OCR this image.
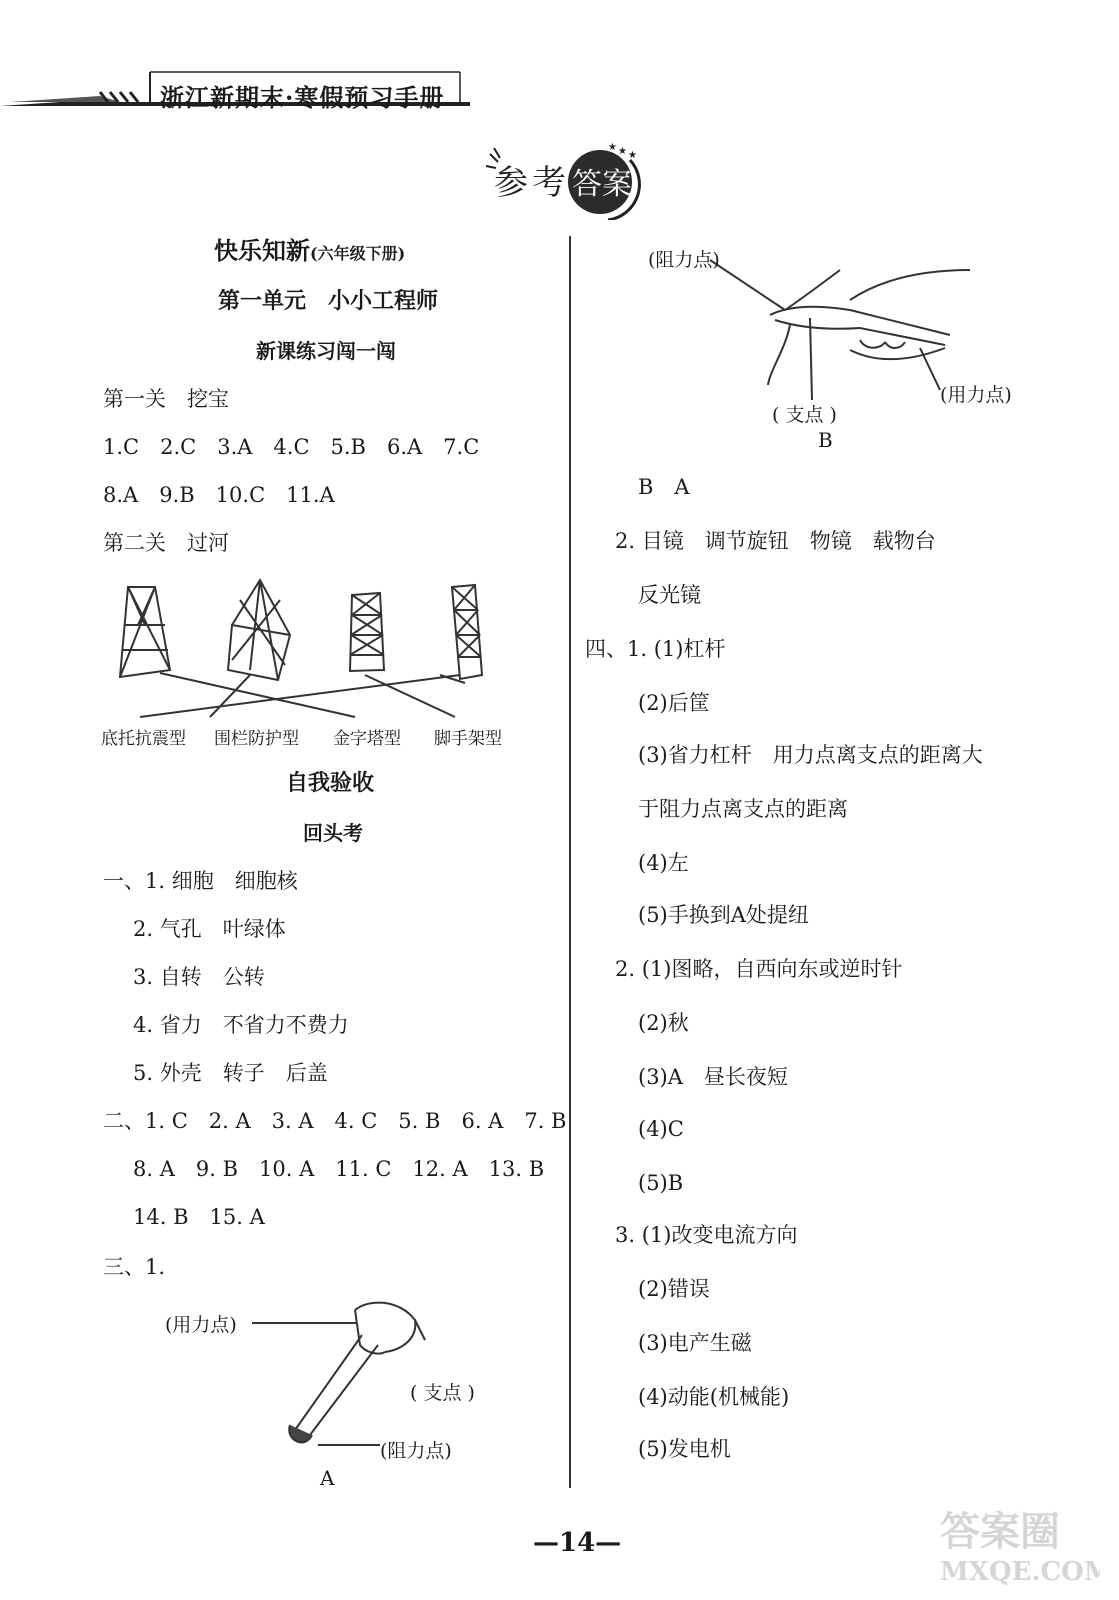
浙江新期末·寒假预习手册
★ ★ ★
参 考 答案
快乐知新(六年级下册)
第一单元　小小工程师
新课练习闯一闯
第一关　挖宝
1.C　2.C　3.A　4.C　5.B　6.A　7.C
8.A　9.B　10.C　11.A
第二关　过河
底托抗震型 围栏防护型 金字塔型 脚手架型
自我验收
回头考
一、1. 细胞　细胞核
2. 气孔　叶绿体
3. 自转　公转
4. 省力　不省力不费力
5. 外壳　转子　后盖
二、1. C　2. A　3. A　4. C　5. B　6. A　7. B
8. A　9. B　10. A　11. C　12. A　13. B
14. B　15. A
三、1.
(用力点)
( 支点 )
(阻力点)
A
(阻力点)
(用力点)
( 支点 )
B
B　A
2. 目镜　调节旋钮　物镜　载物台
反光镜
四、1. (1)杠杆
(2)后筐
(3)省力杠杆　用力点离支点的距离大
于阻力点离支点的距离
(4)左
(5)手换到A处提纽
2. (1)图略，自西向东或逆时针
(2)秋
(3)A　昼长夜短
(4)C
(5)B
3. (1)改变电流方向
(2)错误
(3)电产生磁
(4)动能(机械能)
(5)发电机
—14—	答案圈
MXQE.COM
